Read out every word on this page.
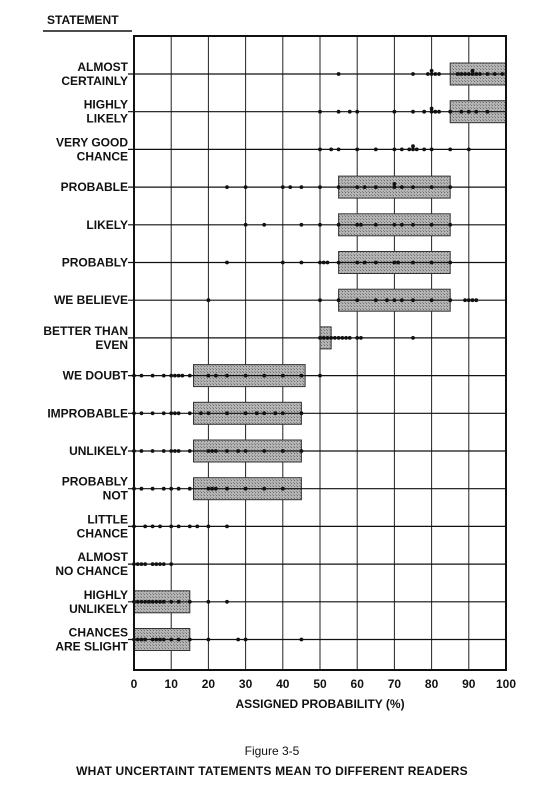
STATEMENT
ALMOST
CERTAINLY
HIGHLY
LIKELY
VERY GOOD
CHANCE
PROBABLE
LIKELY
PROBABLY
WE BELIEVE
BETTER THAN
EVEN
WE DOUBT
IMPROBABLE
UNLIKELY
PROBABLY
NOT
LITTLE
CHANCE
ALMOST
NO CHANCE
HIGHLY
UNLIKELY
CHANCES
ARE SLIGHT
0 10 20 30 40 50 60 70 80 90 100
ASSIGNED PROBABILITY (%)
Figure 3-5
WHAT UNCERTAINT TATEMENTS MEAN TO DIFFERENT READERS
